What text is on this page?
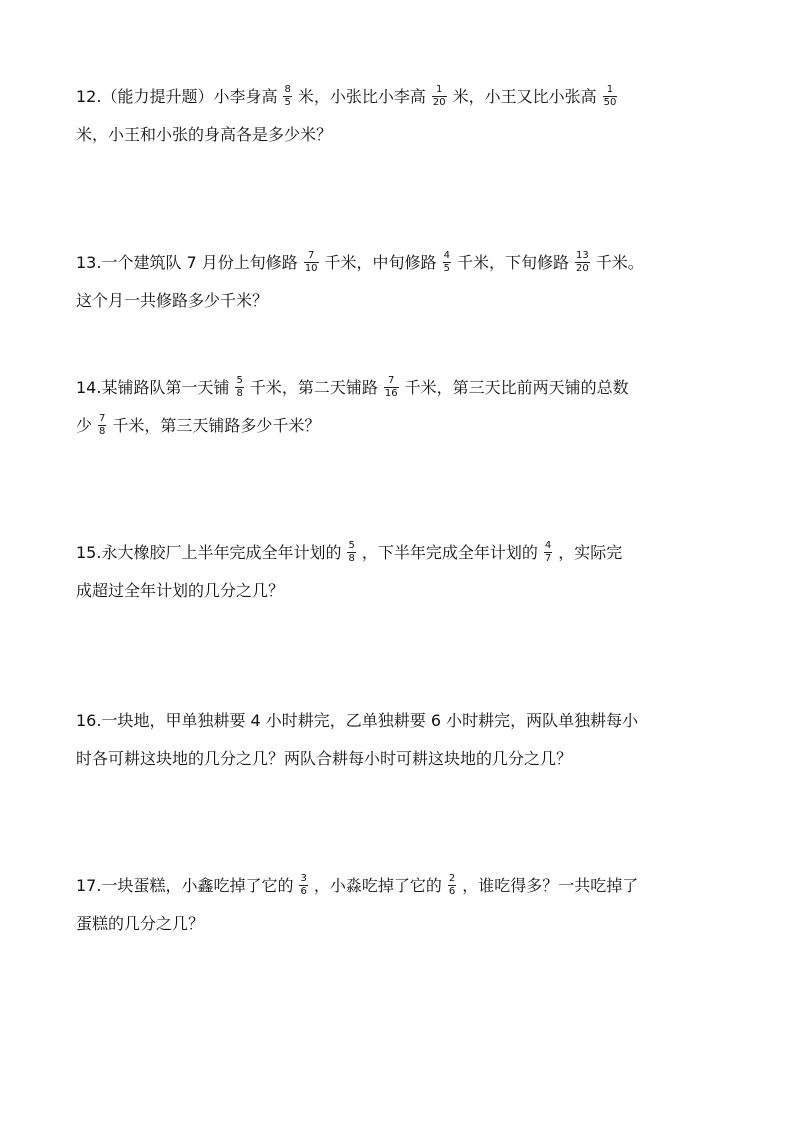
12.（能力提升题）小李身高 $\frac{8}{5}$ 米，小张比小李高 $\frac{1}{20}$ 米，小王又比小张高 $\frac{1}{50}$
米，小王和小张的身高各是多少米？
13.一个建筑队 7 月份上旬修路 $\frac{7}{10}$ 千米，中旬修路 $\frac{4}{5}$ 千米，下旬修路 $\frac{13}{20}$ 千米。
这个月一共修路多少千米？
14.某铺路队第一天铺 $\frac{5}{8}$ 千米，第二天铺路 $\frac{7}{16}$ 千米，第三天比前两天铺的总数
少 $\frac{7}{8}$ 千米，第三天铺路多少千米？
15.永大橡胶厂上半年完成全年计划的 $\frac{5}{8}$ ，下半年完成全年计划的 $\frac{4}{7}$ ，实际完
成超过全年计划的几分之几？
16.一块地，甲单独耕要 4 小时耕完，乙单独耕要 6 小时耕完，两队单独耕每小
时各可耕这块地的几分之几？两队合耕每小时可耕这块地的几分之几？
17.一块蛋糕，小鑫吃掉了它的 $\frac{3}{6}$ ，小淼吃掉了它的 $\frac{2}{6}$ ，谁吃得多？一共吃掉了
蛋糕的几分之几？
